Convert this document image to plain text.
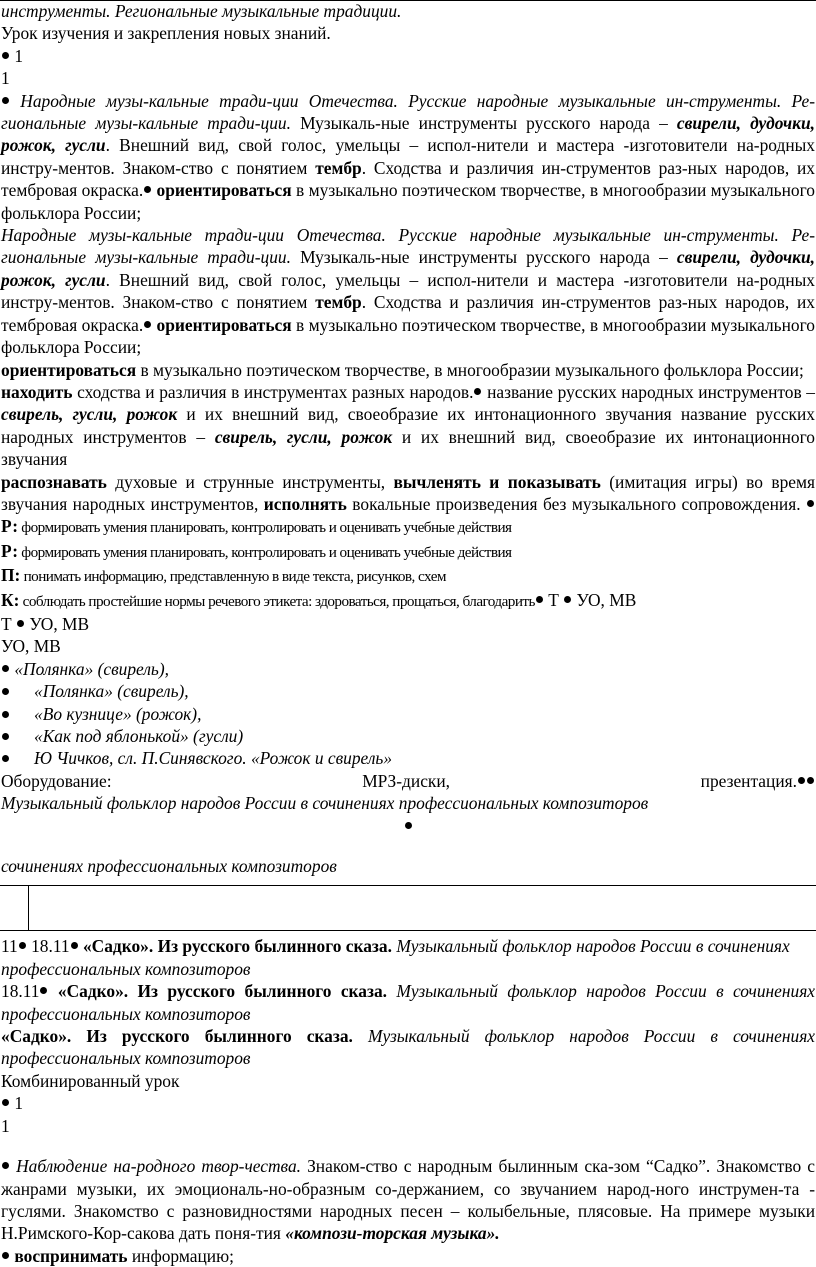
инструменты. Региональные музыкальные традиции.

Урок изучения и закрепления новых знаний.

1

1

Народные музы-кальные тради-ции Отечества. Русские народные музыкальные ин-струменты. Ре-гиональные музы-кальные тради-ции. Музыкаль-ные инструменты русского народа – свирели, дудочки, рожок, гусли. Внешний вид, свой голос, умельцы – испол-нители и мастера -изготовители на-родных инстру-ментов. Знаком-ство с понятием тембр. Сходства и различия ин-струментов раз-ных народов, их тембровая окраска. ориентироваться в музыкально поэтическом творчестве, в многообразии музыкального фольклора России;

Народные музы-кальные тради-ции Отечества. Русские народные музыкальные ин-струменты. Ре-гиональные музы-кальные тради-ции. Музыкаль-ные инструменты русского народа – свирели, дудочки, рожок, гусли. Внешний вид, свой голос, умельцы – испол-нители и мастера -изготовители на-родных инстру-ментов. Знаком-ство с понятием тембр. Сходства и различия ин-струментов раз-ных народов, их тембровая окраска. ориентироваться в музыкально поэтическом творчестве, в многообразии музыкального фольклора России;

ориентироваться в музыкально поэтическом творчестве, в многообразии музыкального фольклора России;

находить сходства и различия в инструментах разных народов. название русских народных инструментов – свирель, гусли, рожок и их внешний вид, своеобразие их интонационного звучания название русских народных инструментов – свирель, гусли, рожок и их внешний вид, своеобразие их интонационного звучания

распознавать духовые и струнные инструменты, вычленять и показывать (имитация игры) во время звучания народных инструментов, исполнять вокальные произведения без музыкального сопровождения.  Р: формировать умения планировать, контролировать и оценивать учебные действия

Р: формировать умения планировать, контролировать и оценивать учебные действия

П: понимать информацию, представленную в виде текста, рисунков, схем

К: соблюдать простейшие нормы речевого этикета: здороваться, прощаться, благодарить Т  УО, МВ

Т  УО, МВ

УО, МВ

«Полянка» (свирель),

«Полянка» (свирель),
«Во кузнице» (рожок),
«Как под яблонькой» (гусли)
Ю Чичков, сл. П.Синявского. «Рожок и свирель»
Оборудование:	МРЗ-диски,	презентация.

Музыкальный фольклор народов России в сочинениях профессиональных композиторов

сочинениях профессиональных композиторов

11 18.11 «Садко». Из русского былинного сказа. Музыкальный фольклор народов России в сочинениях профессиональных композиторов

18.11 «Садко». Из русского былинного сказа. Музыкальный фольклор народов России в сочинениях профессиональных композиторов

«Садко». Из русского былинного сказа. Музыкальный фольклор народов России в сочинениях профессиональных композиторов

Комбинированный урок

1

1

Наблюдение на-родного твор-чества. Знаком-ство с народным былинным ска-зом “Садко”. Знакомство с жанрами музыки, их эмоциональ-но-образным со-держанием, со звучанием народ-ного инструмен-та - гуслями. Знакомство с разновидностями народных песен – колыбельные, плясовые. На примере музыки Н.Римского-Кор-сакова дать поня-тия «компози-торская музыка».
воспринимать информацию;
